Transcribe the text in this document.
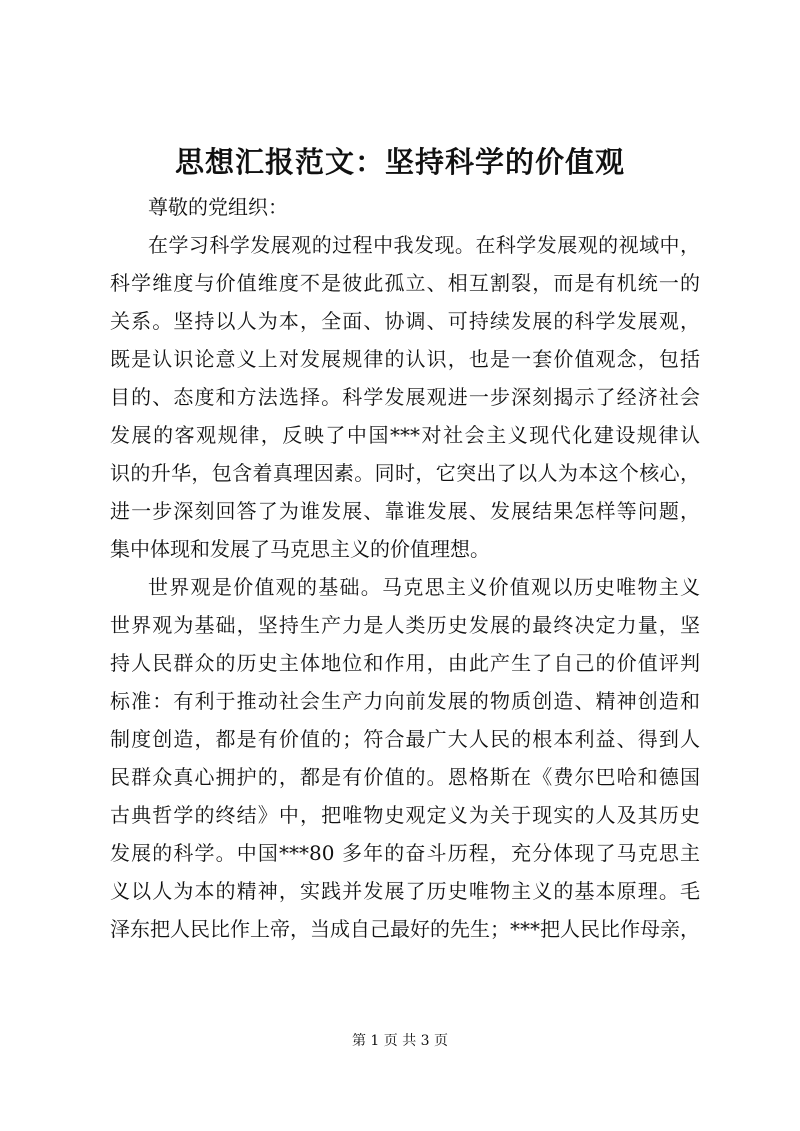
思想汇报范文：坚持科学的价值观

尊敬的党组织：

在学习科学发展观的过程中我发现。在科学发展观的视域中，
科学维度与价值维度不是彼此孤立、相互割裂，而是有机统一的
关系。坚持以人为本，全面、协调、可持续发展的科学发展观，
既是认识论意义上对发展规律的认识，也是一套价值观念，包括
目的、态度和方法选择。科学发展观进一步深刻揭示了经济社会
发展的客观规律，反映了中国***对社会主义现代化建设规律认
识的升华，包含着真理因素。同时，它突出了以人为本这个核心，
进一步深刻回答了为谁发展、靠谁发展、发展结果怎样等问题，
集中体现和发展了马克思主义的价值理想。

世界观是价值观的基础。马克思主义价值观以历史唯物主义
世界观为基础，坚持生产力是人类历史发展的最终决定力量，坚
持人民群众的历史主体地位和作用，由此产生了自己的价值评判
标准：有利于推动社会生产力向前发展的物质创造、精神创造和
制度创造，都是有价值的；符合最广大人民的根本利益、得到人
民群众真心拥护的，都是有价值的。恩格斯在《费尔巴哈和德国
古典哲学的终结》中，把唯物史观定义为关于现实的人及其历史
发展的科学。中国***80 多年的奋斗历程，充分体现了马克思主
义以人为本的精神，实践并发展了历史唯物主义的基本原理。毛
泽东把人民比作上帝，当成自己最好的先生；***把人民比作母亲，

第 1 页 共 3 页
